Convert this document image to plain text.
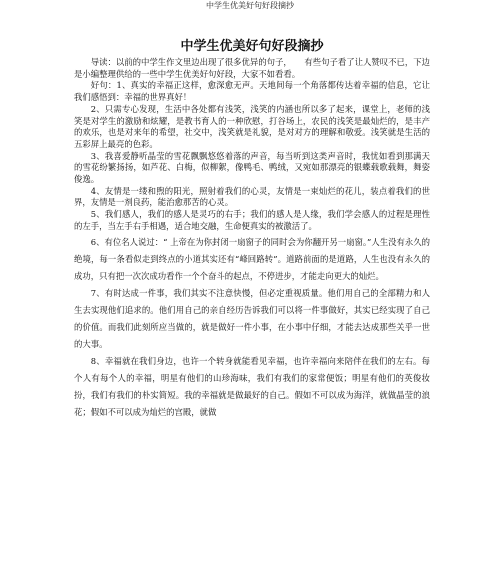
中学生优美好句好段摘抄
中学生优美好句好段摘抄

导读：以前的中学生作文里边出现了很多优异的句子，　　有些句子看了让人赞叹不已，下边是小编整理供给的一些中学生优美好句好段，大家不如看看。

好句：1、真实的幸福正这样，愈深愈无声。天地间每一个角落都传达着幸福的信息，它让我们感悟到：幸福的世界真好！

2、只需专心发现，生活中各处都有浅笑，浅笑的内涵也所以多了起来，课堂上，老师的浅笑是对学生的激励和炫耀，是教书育人的一种欣慰，打谷场上，农民的浅笑是最灿烂的，是丰产的欢乐，也是对来年的希望，社交中，浅笑就是礼貌，是对对方的理解和敬爱。浅笑就是生活的五彩屏上最亮的色彩。

3、我喜爱静听晶莹的雪花飘飘悠悠着落的声音，每当听到这类声音时，我忧如看到那满天的雪花纷繁扬扬，如芦花、白梅，似柳絮，像鸭毛、鸭绒，又宛如那漂亮的银蝶载歌载舞，舞姿俊逸。

4、友情是一缕和煦的阳光，照射着我们的心灵，友情是一束灿烂的花儿，装点着我们的世界，友情是一剂良药，能治愈那苦的心灵。

5、我们感人，我们的感人是灵巧的右手；我们的感人是人缘，我们学会感人的过程是理性的左手，当左手右手相遇，适合地交融，生命便真实的被激活了。

6、有位名人说过：“ 上帝在为你封闭一扇窗子的同时会为你翻开另一扇窗。”人生没有永久的绝境，每一条看似走到终点的小道其实还有“峰回路转”。道路前面的是道路，人生也没有永久的成功，只有把一次次成功看作一个个奋斗的起点，不停进步，才能走向更大的灿烂。

7、有时达成一件事，我们其实不注意快慢，但必定重视质量。他们用自己的全部精力和人生去实现他们追求的。他们用自己的亲自经历告诉我们可以将一件事做好，其实已经实现了自己的价值。而我们此刻所应当做的，就是做好一件小事，在小事中仔细，才能去达成那些关乎一世的大事。

8、幸福就在我们身边，也许一个转身就能看见幸福，也许幸福向来陪伴在我们的左右。每个人有每个人的幸福，明星有他们的山珍海味，我们有我们的家常便饭；明星有他们的英俊妆扮，我们有我们的朴实简短。我的幸福就是做最好的自己。假如不可以成为海洋，就做晶莹的浪花；假如不可以成为灿烂的宫殿，就做
